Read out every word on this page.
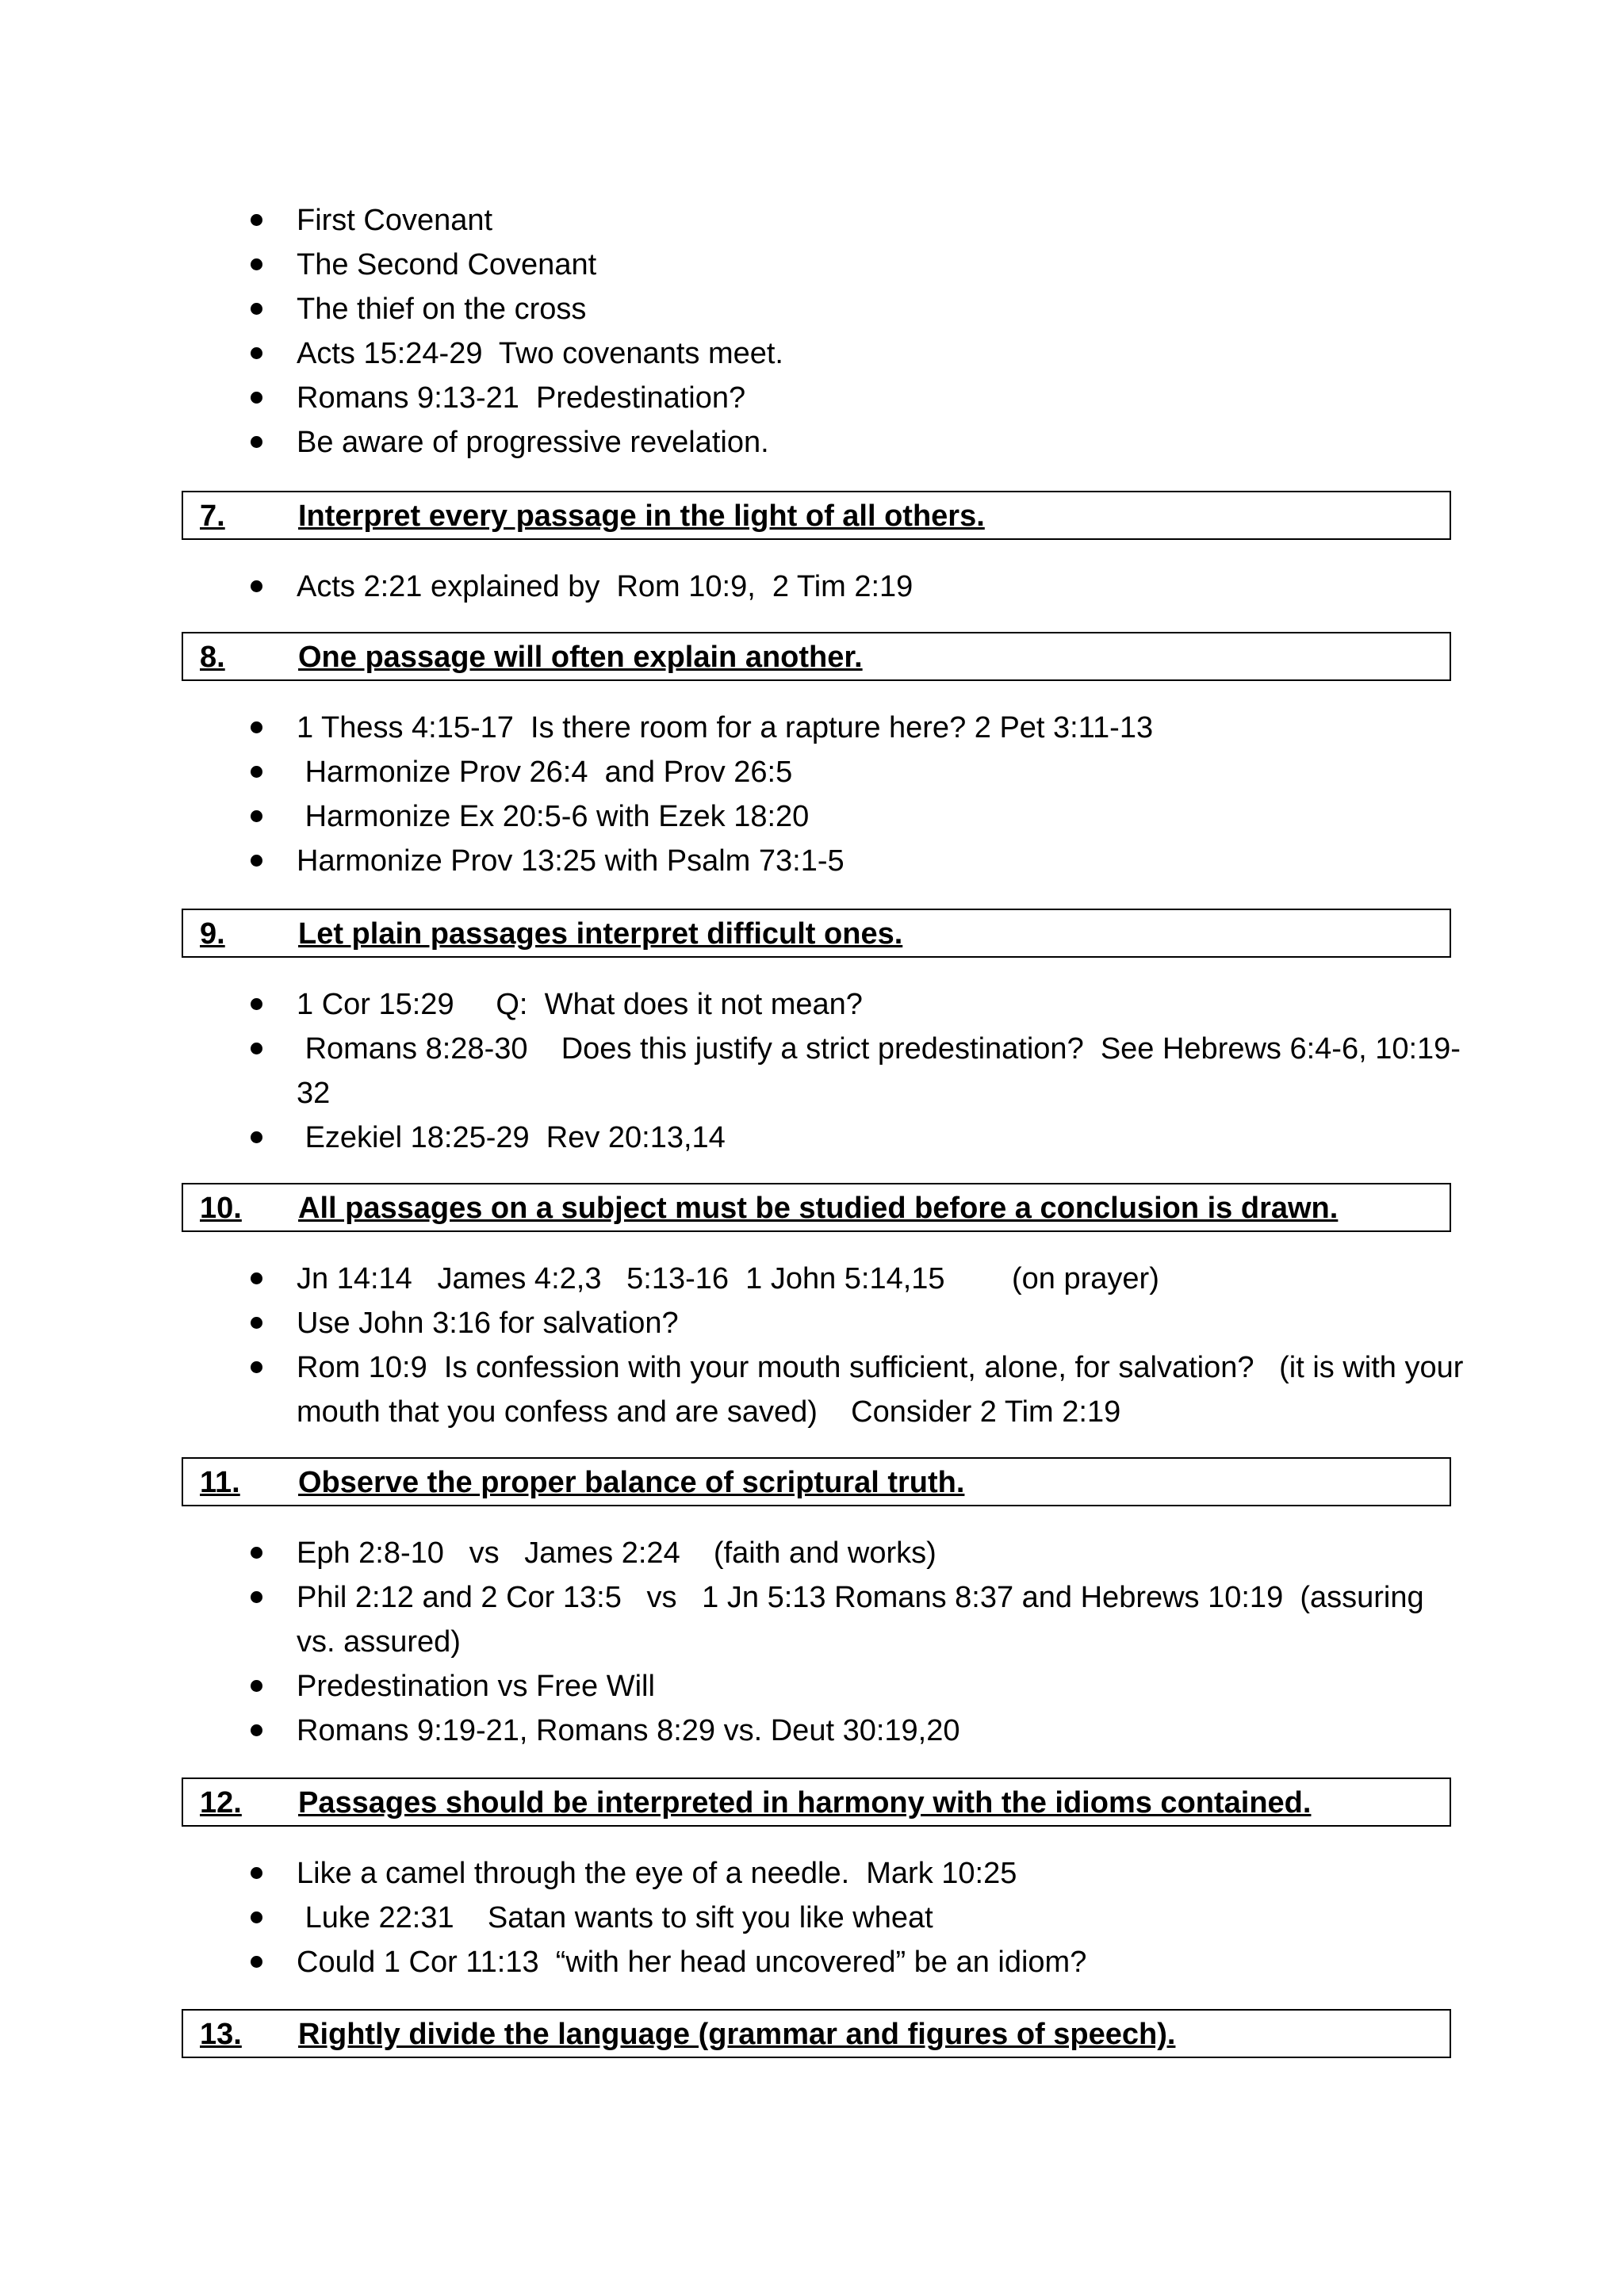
First Covenant
The Second Covenant
The thief on the cross
Acts 15:24-29  Two covenants meet.
Romans 9:13-21  Predestination?
Be aware of progressive revelation.
7. Interpret every passage in the light of all others.
Acts 2:21 explained by  Rom 10:9,  2 Tim 2:19
8. One passage will often explain another.
1 Thess 4:15-17  Is there room for a rapture here? 2 Pet 3:11-13
Harmonize Prov 26:4  and Prov 26:5
Harmonize Ex 20:5-6 with Ezek 18:20
Harmonize Prov 13:25 with Psalm 73:1-5
9. Let plain passages interpret difficult ones.
1 Cor 15:29     Q:  What does it not mean?
Romans 8:28-30    Does this justify a strict predestination?  See Hebrews 6:4-6, 10:19-32
Ezekiel 18:25-29  Rev 20:13,14
10. All passages on a subject must be studied before a conclusion is drawn.
Jn 14:14   James 4:2,3   5:13-16  1 John 5:14,15        (on prayer)
Use John 3:16 for salvation?
Rom 10:9  Is confession with your mouth sufficient, alone, for salvation?   (it is with your mouth that you confess and are saved)    Consider 2 Tim 2:19
11. Observe the proper balance of scriptural truth.
Eph 2:8-10   vs   James 2:24    (faith and works)
Phil 2:12 and 2 Cor 13:5   vs   1 Jn 5:13 Romans 8:37 and Hebrews 10:19  (assuring vs. assured)
Predestination vs Free Will
Romans 9:19-21, Romans 8:29 vs. Deut 30:19,20
12. Passages should be interpreted in harmony with the idioms contained.
Like a camel through the eye of a needle.  Mark 10:25
Luke 22:31    Satan wants to sift you like wheat
Could 1 Cor 11:13  “with her head uncovered” be an idiom?
13. Rightly divide the language (grammar and figures of speech).
